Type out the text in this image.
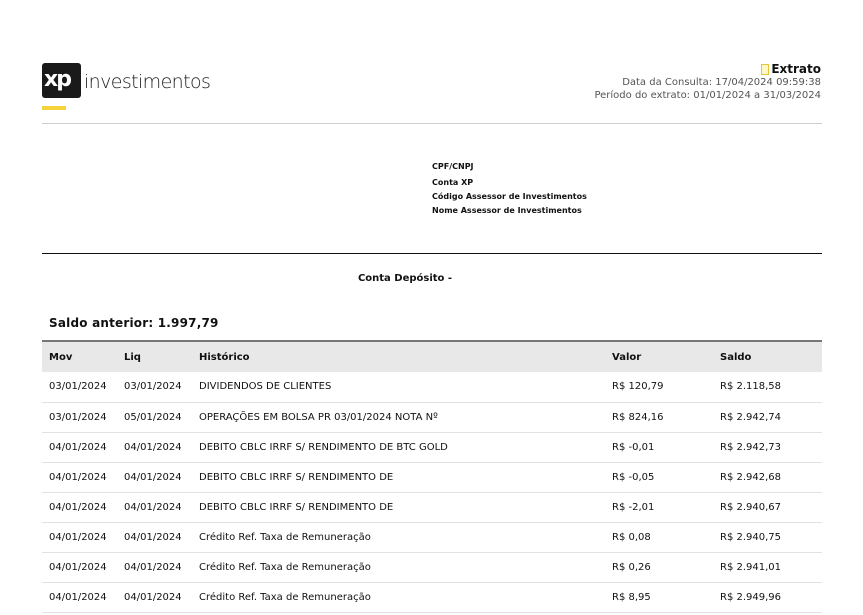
xp investimentos
Extrato
Data da Consulta: 17/04/2024 09:59:38
Período do extrato: 01/01/2024 a 31/03/2024
CPF/CNPJ
Conta XP
Código Assessor de Investimentos
Nome Assessor de Investimentos
Conta Depósito -
Saldo anterior: 1.997,79
Mov	Liq	Histórico	Valor	Saldo
03/01/2024	03/01/2024	DIVIDENDOS DE CLIENTES	R$ 120,79	R$ 2.118,58
03/01/2024	05/01/2024	OPERAÇÕES EM BOLSA PR 03/01/2024 NOTA Nº	R$ 824,16	R$ 2.942,74
04/01/2024	04/01/2024	DEBITO CBLC IRRF S/ RENDIMENTO DE BTC GOLD	R$ -0,01	R$ 2.942,73
04/01/2024	04/01/2024	DEBITO CBLC IRRF S/ RENDIMENTO DE	R$ -0,05	R$ 2.942,68
04/01/2024	04/01/2024	DEBITO CBLC IRRF S/ RENDIMENTO DE	R$ -2,01	R$ 2.940,67
04/01/2024	04/01/2024	Crédito Ref. Taxa de Remuneração	R$ 0,08	R$ 2.940,75
04/01/2024	04/01/2024	Crédito Ref. Taxa de Remuneração	R$ 0,26	R$ 2.941,01
04/01/2024	04/01/2024	Crédito Ref. Taxa de Remuneração	R$ 8,95	R$ 2.949,96
